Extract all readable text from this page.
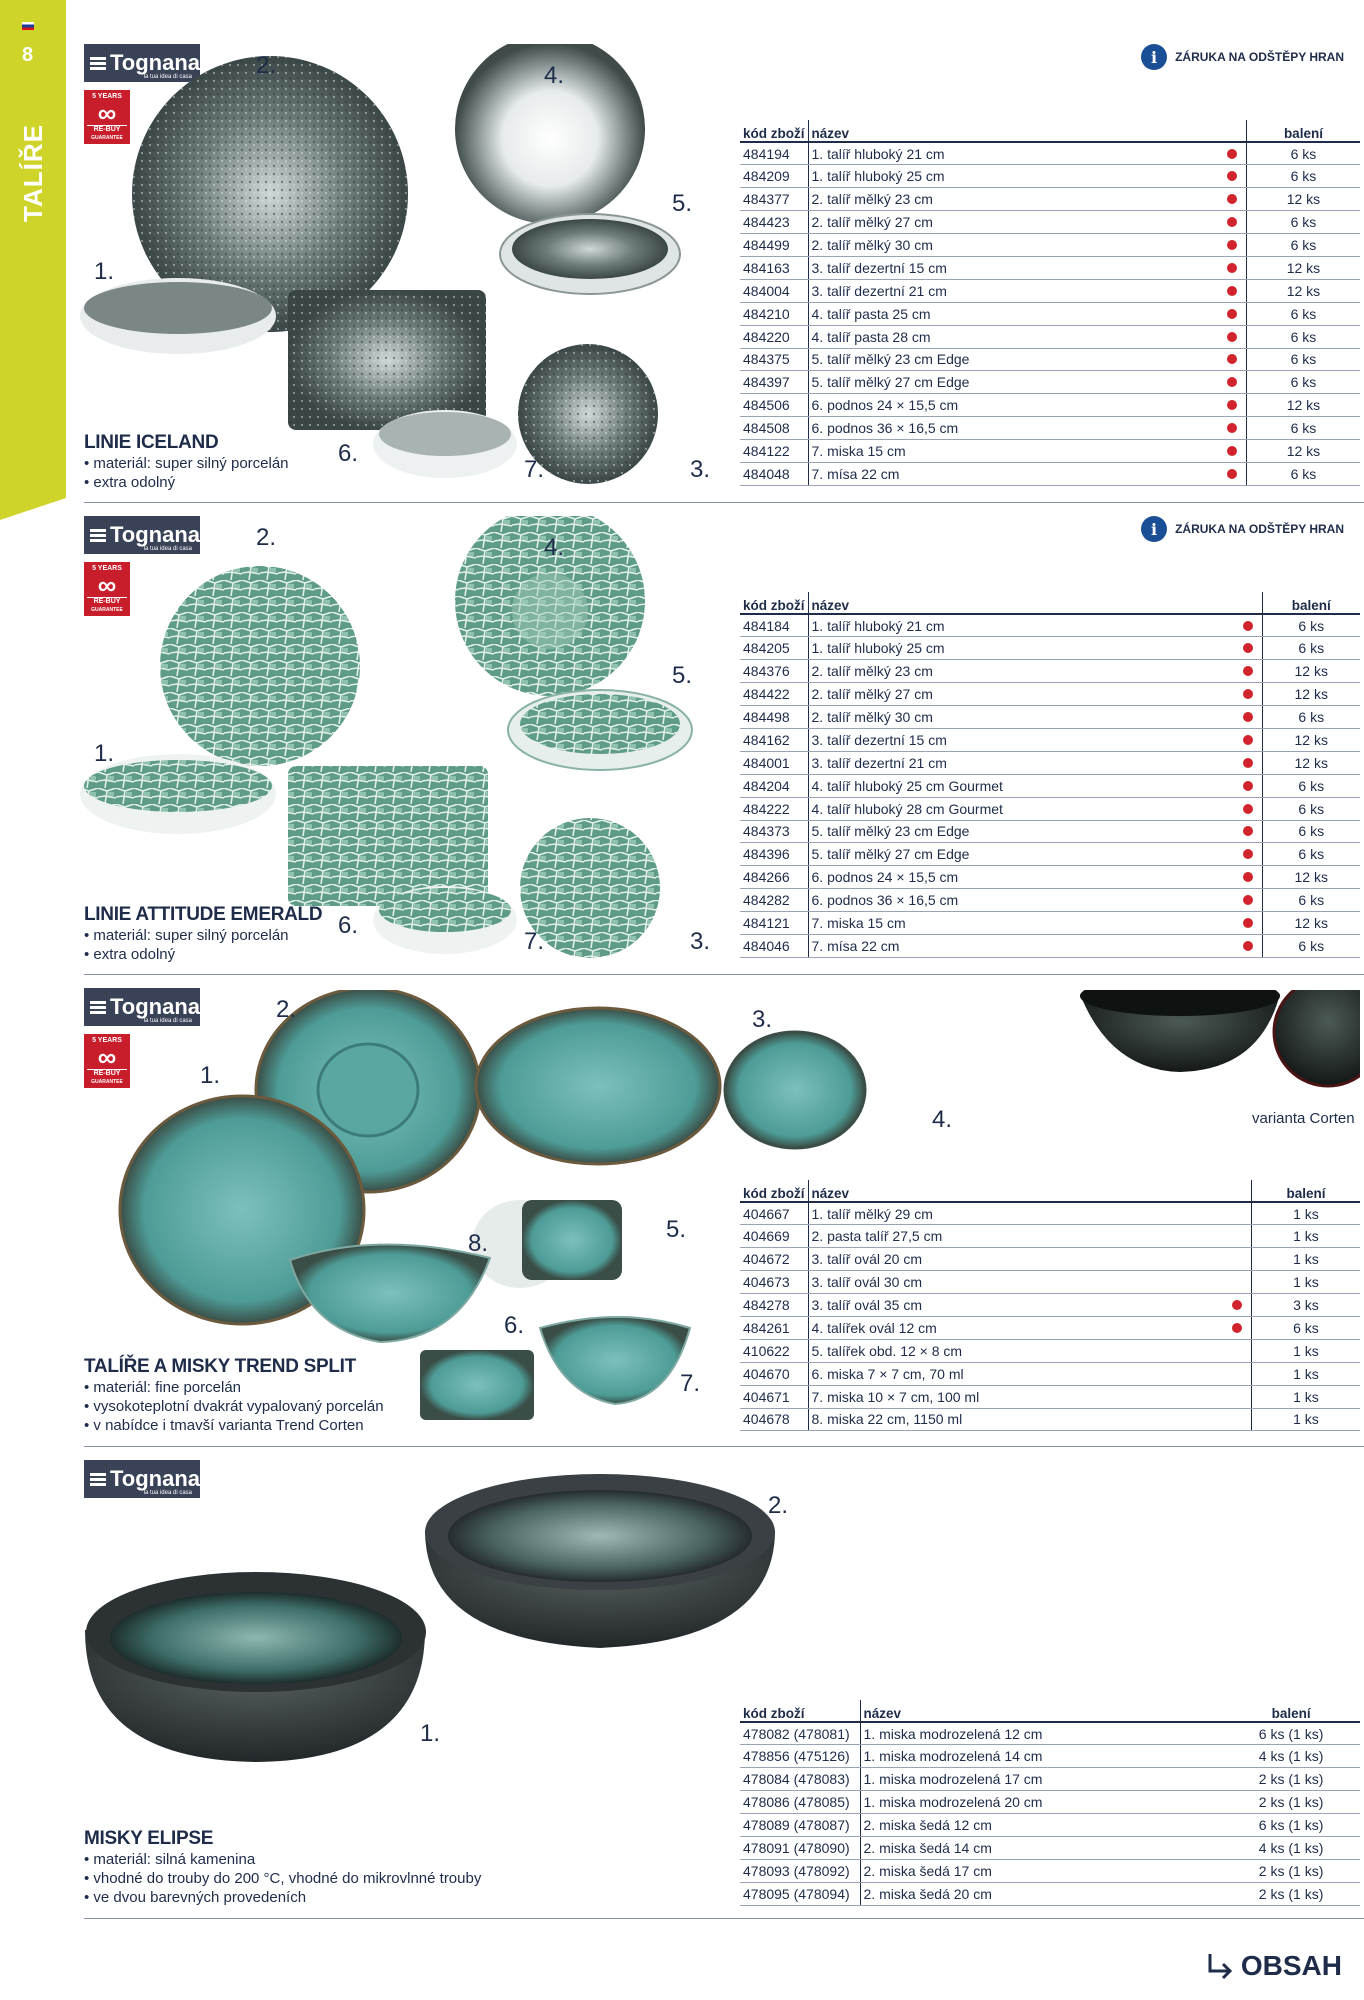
8
TALÍŘE
Tognana
la tua idea di casa
5 YEARS
∞
RE-BUY
GUARANTEE
1.
2.
3.
4.
5.
6.
7.
LINIE ICELAND
• materiál: super silný porcelán
• extra odolný
i	ZÁRUKA NA ODŠTĚPY HRAN
kód zboží	název		balení
484194	1. talíř hluboký 21 cm		6 ks
484209	1. talíř hluboký 25 cm		6 ks
484377	2. talíř mělký 23 cm		12 ks
484423	2. talíř mělký 27 cm		6 ks
484499	2. talíř mělký 30 cm		6 ks
484163	3. talíř dezertní 15 cm		12 ks
484004	3. talíř dezertní 21 cm		12 ks
484210	4. talíř pasta 25 cm		6 ks
484220	4. talíř pasta 28 cm		6 ks
484375	5. talíř mělký 23 cm Edge		6 ks
484397	5. talíř mělký 27 cm Edge		6 ks
484506	6. podnos 24 × 15,5 cm		12 ks
484508	6. podnos 36 × 16,5 cm		6 ks
484122	7. miska 15 cm		12 ks
484048	7. mísa 22 cm		6 ks
Tognana
la tua idea di casa
5 YEARS
∞
RE-BUY
GUARANTEE
1.
2.
3.
4.
5.
6.
7.
LINIE ATTITUDE EMERALD
• materiál: super silný porcelán
• extra odolný
i	ZÁRUKA NA ODŠTĚPY HRAN
kód zboží	název		balení
484184	1. talíř hluboký 21 cm		6 ks
484205	1. talíř hluboký 25 cm		6 ks
484376	2. talíř mělký 23 cm		12 ks
484422	2. talíř mělký 27 cm		12 ks
484498	2. talíř mělký 30 cm		6 ks
484162	3. talíř dezertní 15 cm		12 ks
484001	3. talíř dezertní 21 cm		12 ks
484204	4. talíř hluboký 25 cm Gourmet		6 ks
484222	4. talíř hluboký 28 cm Gourmet		6 ks
484373	5. talíř mělký 23 cm Edge		6 ks
484396	5. talíř mělký 27 cm Edge		6 ks
484266	6. podnos 24 × 15,5 cm		12 ks
484282	6. podnos 36 × 16,5 cm		6 ks
484121	7. miska 15 cm		12 ks
484046	7. mísa 22 cm		6 ks
Tognana
la tua idea di casa
5 YEARS
∞
RE-BUY
GUARANTEE	1.
2.	3.
4.
5.
6.
7.
8.
varianta Corten
TALÍŘE A MISKY TREND SPLIT
• materiál: fine porcelán
• vysokoteplotní dvakrát vypalovaný porcelán
• v nabídce i tmavší varianta Trend Corten
kód zboží	název		balení
404667	1. talíř mělký 29 cm		1 ks
404669	2. pasta talíř 27,5 cm		1 ks
404672	3. talíř ovál 20 cm		1 ks
404673	3. talíř ovál 30 cm		1 ks
484278	3. talíř ovál 35 cm		3 ks
484261	4. talířek ovál 12 cm		6 ks
410622	5. talířek obd. 12 × 8 cm		1 ks
404670	6. miska 7 × 7 cm, 70 ml		1 ks
404671	7. miska 10 × 7 cm, 100 ml		1 ks
404678	8. miska 22 cm, 1150 ml		1 ks
Tognana
la tua idea di casa
1.
2.
MISKY ELIPSE
• materiál: silná kamenina
• vhodné do trouby do 200 °C, vhodné do mikrovlnné trouby
• ve dvou barevných provedeních
kód zboží	název	balení
478082 (478081)	1. miska modrozelená 12 cm	6 ks (1 ks)
478856 (475126)	1. miska modrozelená 14 cm	4 ks (1 ks)
478084 (478083)	1. miska modrozelená 17 cm	2 ks (1 ks)
478086 (478085)	1. miska modrozelená 20 cm	2 ks (1 ks)
478089 (478087)	2. miska šedá 12 cm	6 ks (1 ks)
478091 (478090)	2. miska šedá 14 cm	4 ks (1 ks)
478093 (478092)	2. miska šedá 17 cm	2 ks (1 ks)
478095 (478094)	2. miska šedá 20 cm	2 ks (1 ks)
OBSAH
